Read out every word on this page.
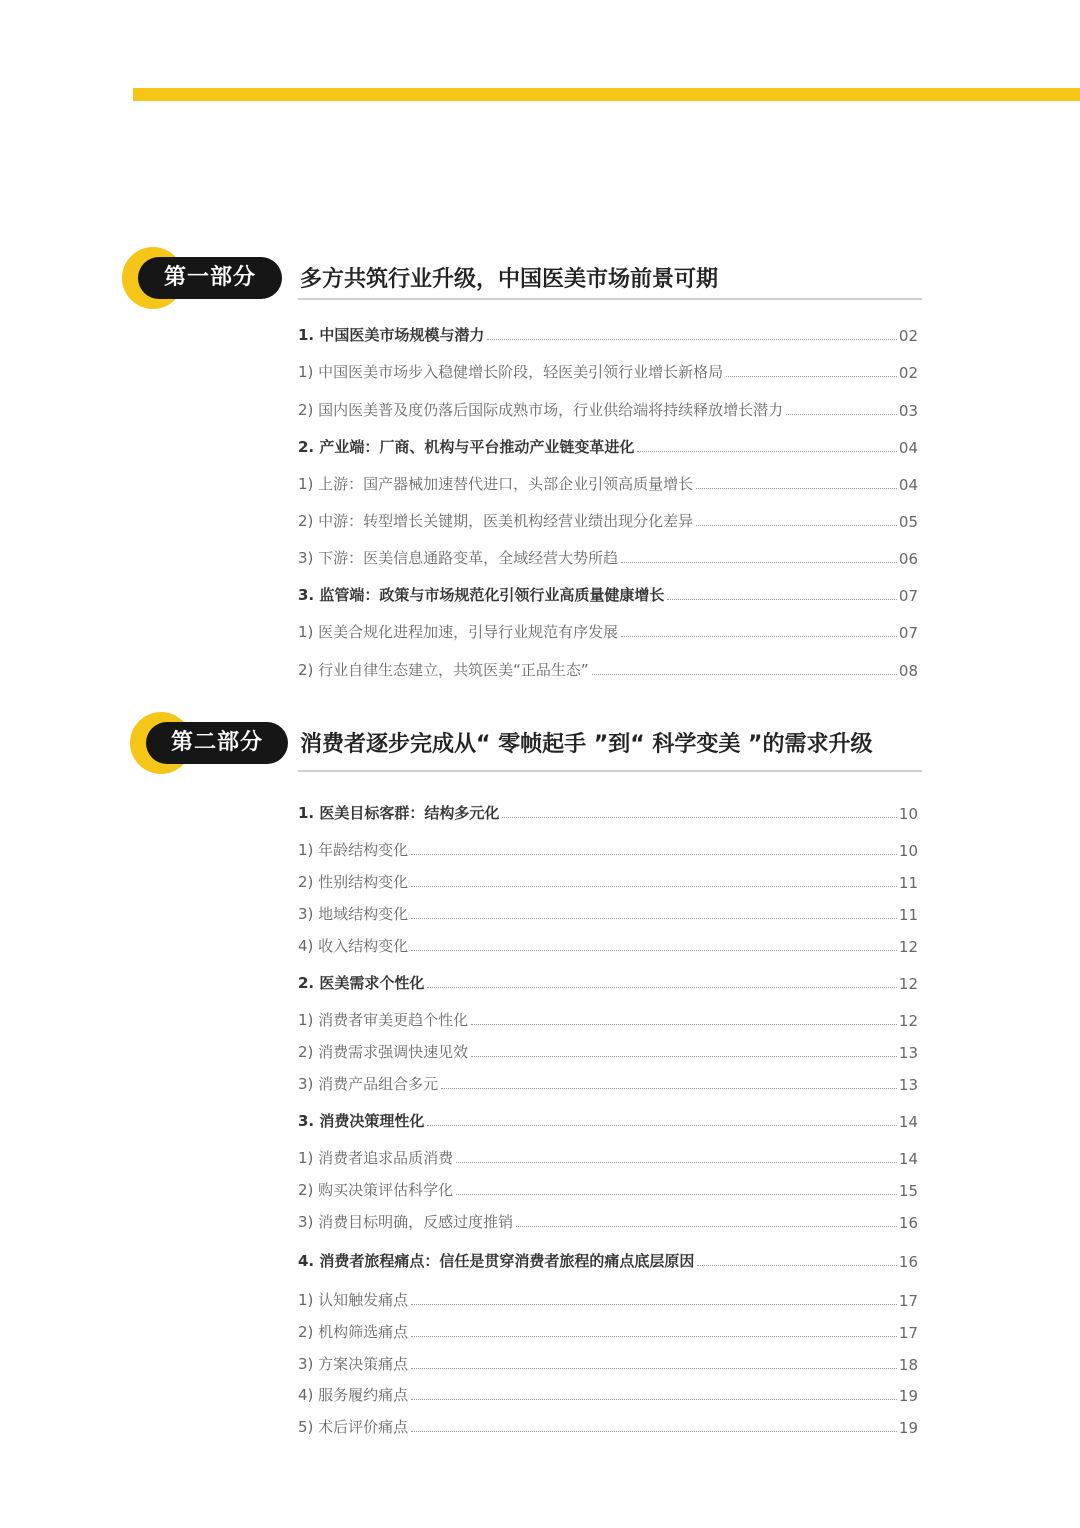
第一部分	多方共筑行业升级，中国医美市场前景可期
1. 中国医美市场规模与潜力	02
1) 中国医美市场步入稳健增长阶段，轻医美引领行业增长新格局	02
2) 国内医美普及度仍落后国际成熟市场，行业供给端将持续释放增长潜力	03
2. 产业端：厂商、机构与平台推动产业链变革进化	04
1) 上游：国产器械加速替代进口，头部企业引领高质量增长	04
2) 中游：转型增长关键期，医美机构经营业绩出现分化差异	05
3) 下游：医美信息通路变革，全域经营大势所趋	06
3. 监管端：政策与市场规范化引领行业高质量健康增长	07
1) 医美合规化进程加速，引导行业规范有序发展	07
2) 行业自律生态建立，共筑医美“正品生态”	08
第二部分	消费者逐步完成从“ 零帧起手 ”到“ 科学变美 ”的需求升级
1. 医美目标客群：结构多元化	10
1) 年龄结构变化	10
2) 性别结构变化	11
3) 地域结构变化	11
4) 收入结构变化	12
2. 医美需求个性化	12
1) 消费者审美更趋个性化	12
2) 消费需求强调快速见效	13
3) 消费产品组合多元	13
3. 消费决策理性化	14
1) 消费者追求品质消费	14
2) 购买决策评估科学化	15
3) 消费目标明确，反感过度推销	16
4. 消费者旅程痛点：信任是贯穿消费者旅程的痛点底层原因	16
1) 认知触发痛点	17
2) 机构筛选痛点	17
3) 方案决策痛点	18
4) 服务履约痛点	19
5) 术后评价痛点	19
